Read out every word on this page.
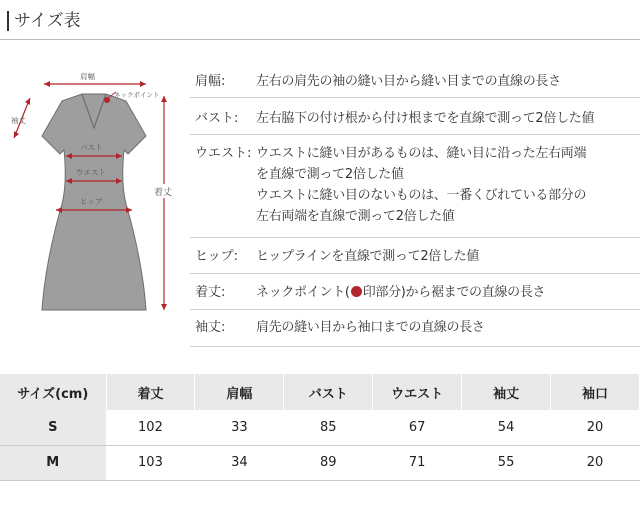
サイズ表
肩幅
ネックポイント
袖丈
バスト
ウエスト
ヒップ
着丈
肩幅: 左右の肩先の袖の縫い目から縫い目までの直線の長さ
バスト: 左右脇下の付け根から付け根までを直線で測って2倍した値
ウエスト: ウエストに縫い目があるものは、縫い目に沿った左右両端
を直線で測って2倍した値
ウエストに縫い目のないものは、一番くびれている部分の
左右両端を直線で測って2倍した値
ヒップ: ヒップラインを直線で測って2倍した値
着丈: ネックポイント( 印部分)から裾までの直線の長さ
袖丈: 肩先の縫い目から袖口までの直線の長さ
サイズ(cm)	着丈	肩幅	バスト	ウエスト	袖丈	袖口
S	102	33	85	67	54	20
M	103	34	89	71	55	20
